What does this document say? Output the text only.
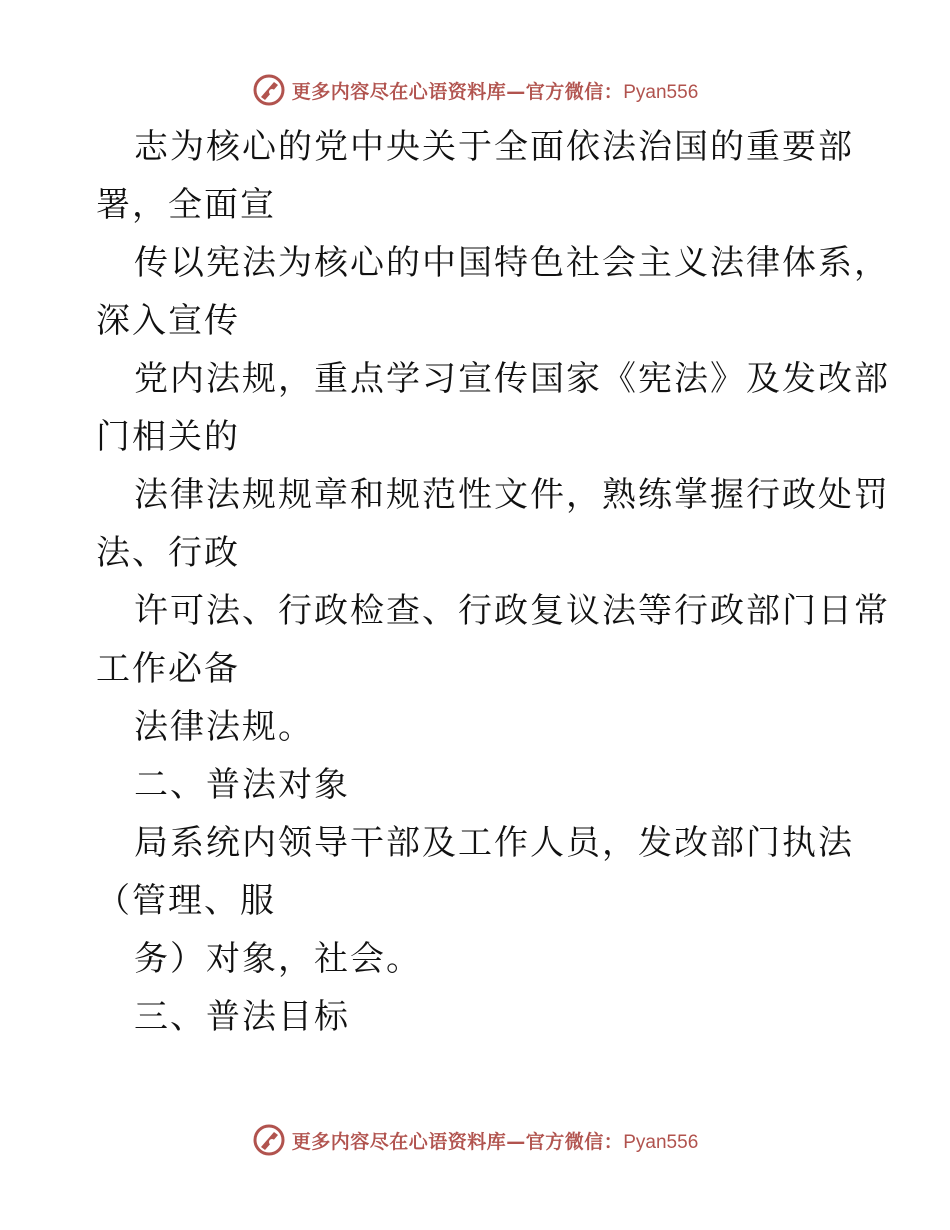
更多内容尽在心语资料库—官方微信：Pyan556
志为核心的党中央关于全面依法治国的重要部
署，全面宣
传以宪法为核心的中国特色社会主义法律体系，
深入宣传
党内法规，重点学习宣传国家《宪法》及发改部
门相关的
法律法规规章和规范性文件，熟练掌握行政处罚
法、行政
许可法、行政检查、行政复议法等行政部门日常
工作必备
法律法规。
二、普法对象
局系统内领导干部及工作人员，发改部门执法
（管理、服
务）对象，社会。
三、普法目标
更多内容尽在心语资料库—官方微信：Pyan556
